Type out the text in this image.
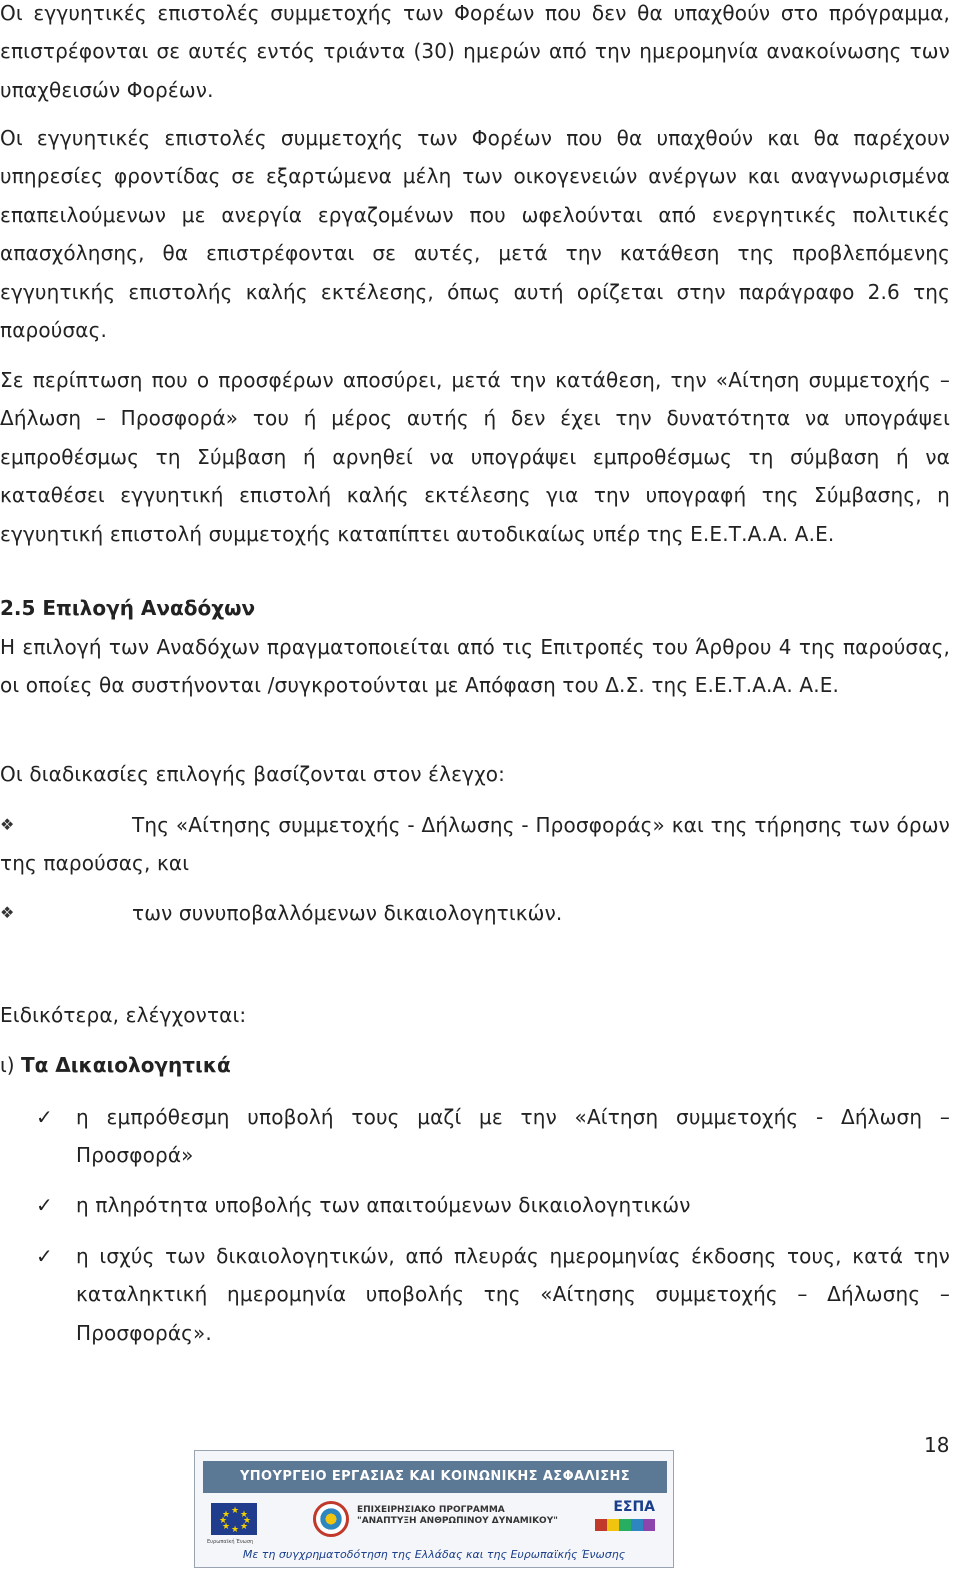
Οι εγγυητικές επιστολές συμμετοχής των Φορέων που δεν θα υπαχθούν στο πρόγραμμα, επιστρέφονται σε αυτές εντός τριάντα (30) ημερών από την ημερομηνία ανακοίνωσης των υπαχθεισών Φορέων.

Οι εγγυητικές επιστολές συμμετοχής των Φορέων που θα υπαχθούν και θα παρέχουν υπηρεσίες φροντίδας σε εξαρτώμενα μέλη των οικογενειών ανέργων και αναγνωρισμένα επαπειλούμενων με ανεργία εργαζομένων που ωφελούνται από ενεργητικές πολιτικές απασχόλησης, θα επιστρέφονται σε αυτές, μετά την κατάθεση της προβλεπόμενης εγγυητικής επιστολής καλής εκτέλεσης, όπως αυτή ορίζεται στην παράγραφο 2.6 της παρούσας.

Σε περίπτωση που ο προσφέρων αποσύρει, μετά την κατάθεση, την «Αίτηση συμμετοχής – Δήλωση – Προσφορά» του ή μέρος αυτής ή δεν έχει την δυνατότητα να υπογράψει εμπροθέσμως τη Σύμβαση ή αρνηθεί να υπογράψει εμπροθέσμως τη σύμβαση ή να καταθέσει εγγυητική επιστολή καλής εκτέλεσης για την υπογραφή της Σύμβασης, η εγγυητική επιστολή συμμετοχής καταπίπτει αυτοδικαίως υπέρ της Ε.Ε.Τ.Α.Α. Α.Ε.

2.5 Επιλογή Αναδόχων

Η επιλογή των Αναδόχων πραγματοποιείται από τις Επιτροπές του Άρθρου 4 της παρούσας, οι οποίες θα συστήνονται /συγκροτούνται με Απόφαση του Δ.Σ. της Ε.Ε.Τ.Α.Α. Α.Ε.

Οι διαδικασίες επιλογής βασίζονται στον έλεγχο:

❖	Της «Αίτησης συμμετοχής - Δήλωσης - Προσφοράς» και της τήρησης των όρων της παρούσας, και

❖	των συνυποβαλλόμενων δικαιολογητικών.

Ειδικότερα, ελέγχονται:

ι) Τα Δικαιολογητικά
✓ η εμπρόθεσμη υποβολή τους μαζί με την «Αίτηση συμμετοχής - Δήλωση – Προσφορά»

✓ η πληρότητα υποβολής των απαιτούμενων δικαιολογητικών

✓ η ισχύς των δικαιολογητικών, από πλευράς ημερομηνίας έκδοσης τους, κατά την καταληκτική ημερομηνία υποβολής της «Αίτησης συμμετοχής – Δήλωσης – Προσφοράς».

18
ΥΠΟΥΡΓΕΙΟ ΕΡΓΑΣΙΑΣ ΚΑΙ ΚΟΙΝΩΝΙΚΗΣ ΑΣΦΑΛΙΣΗΣ
★ ★
★
★
★
★
★
★
Ευρωπαϊκή Ένωση
ΕΠΙΧΕΙΡΗΣΙΑΚΟ ΠΡΟΓΡΑΜΜΑ
"ΑΝΑΠΤΥΞΗ ΑΝΘΡΩΠΙΝΟΥ ΔΥΝΑΜΙΚΟΥ"
ΕΣΠΑ
Με τη συγχρηματοδότηση της Ελλάδας και της Ευρωπαϊκής Ένωσης
